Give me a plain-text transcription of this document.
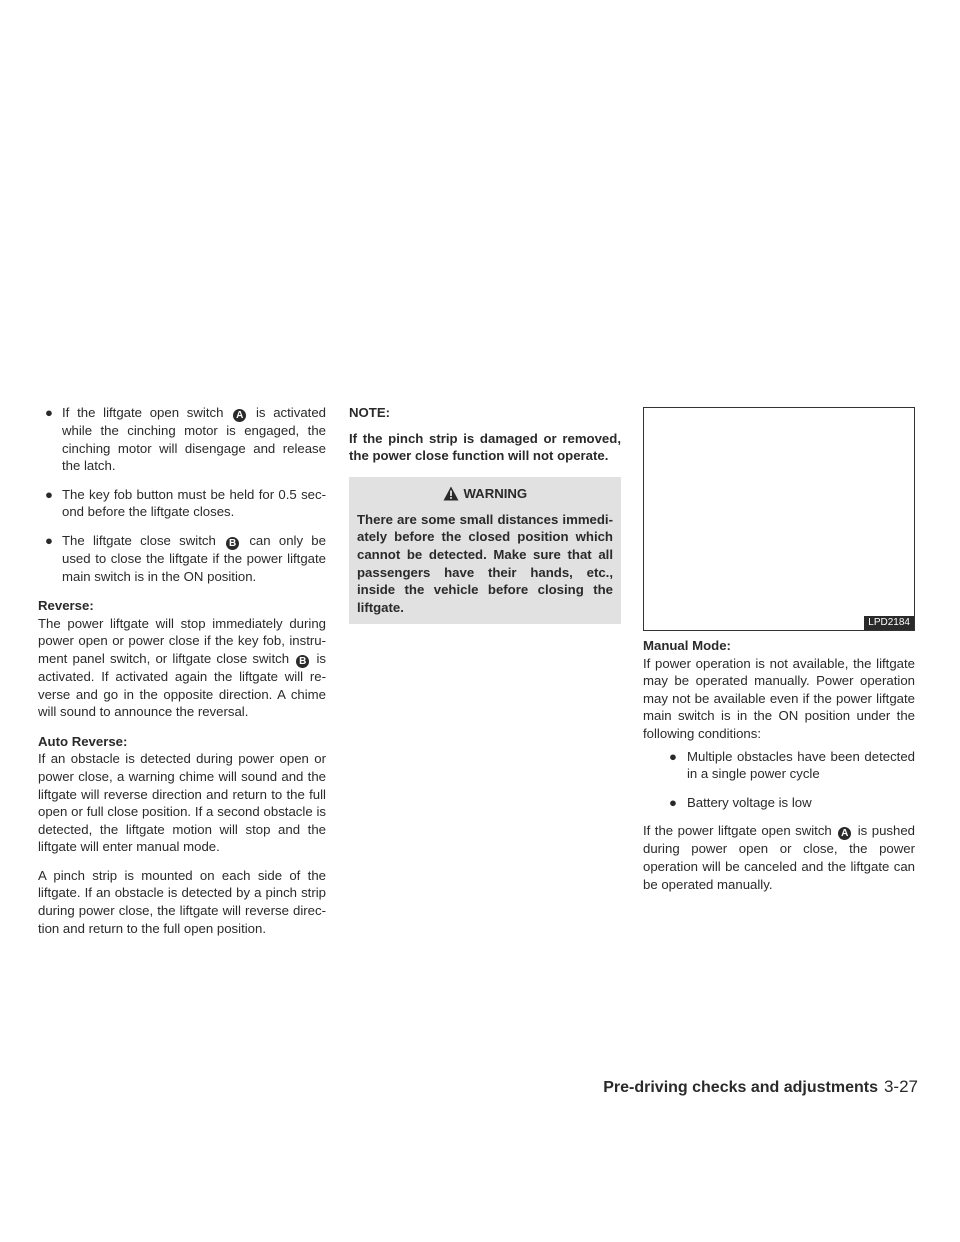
● If the liftgate open switch A is activated while the cinching motor is engaged, the cinching motor will disengage and release the latch.

● The key fob button must be held for 0.5 sec-ond before the liftgate closes.

● The liftgate close switch B can only be used to close the liftgate if the power liftgate main switch is in the ON position.

Reverse:

The power liftgate will stop immediately during power open or power close if the key fob, instru-ment panel switch, or liftgate close switch B is activated. If activated again the liftgate will re-verse and go in the opposite direction. A chime will sound to announce the reversal.

Auto Reverse:

If an obstacle is detected during power open or power close, a warning chime will sound and the liftgate will reverse direction and return to the full open or full close position. If a second obstacle is detected, the liftgate motion will stop and the liftgate will enter manual mode.

A pinch strip is mounted on each side of the liftgate. If an obstacle is detected by a pinch strip during power close, the liftgate will reverse direc-tion and return to the full open position.

NOTE:

If the pinch strip is damaged or removed, the power close function will not operate.

WARNING

There are some small distances immedi-ately before the closed position which cannot be detected. Make sure that all passengers have their hands, etc., inside the vehicle before closing the liftgate.

LPD2184

Manual Mode:

If power operation is not available, the liftgate may be operated manually. Power operation may not be available even if the power liftgate main switch is in the ON position under the following conditions:

● Multiple obstacles have been detected in a single power cycle

● Battery voltage is low

If the power liftgate open switch A is pushed during power open or close, the power operation will be canceled and the liftgate can be operated manually.

Pre-driving checks and adjustments 3-27
